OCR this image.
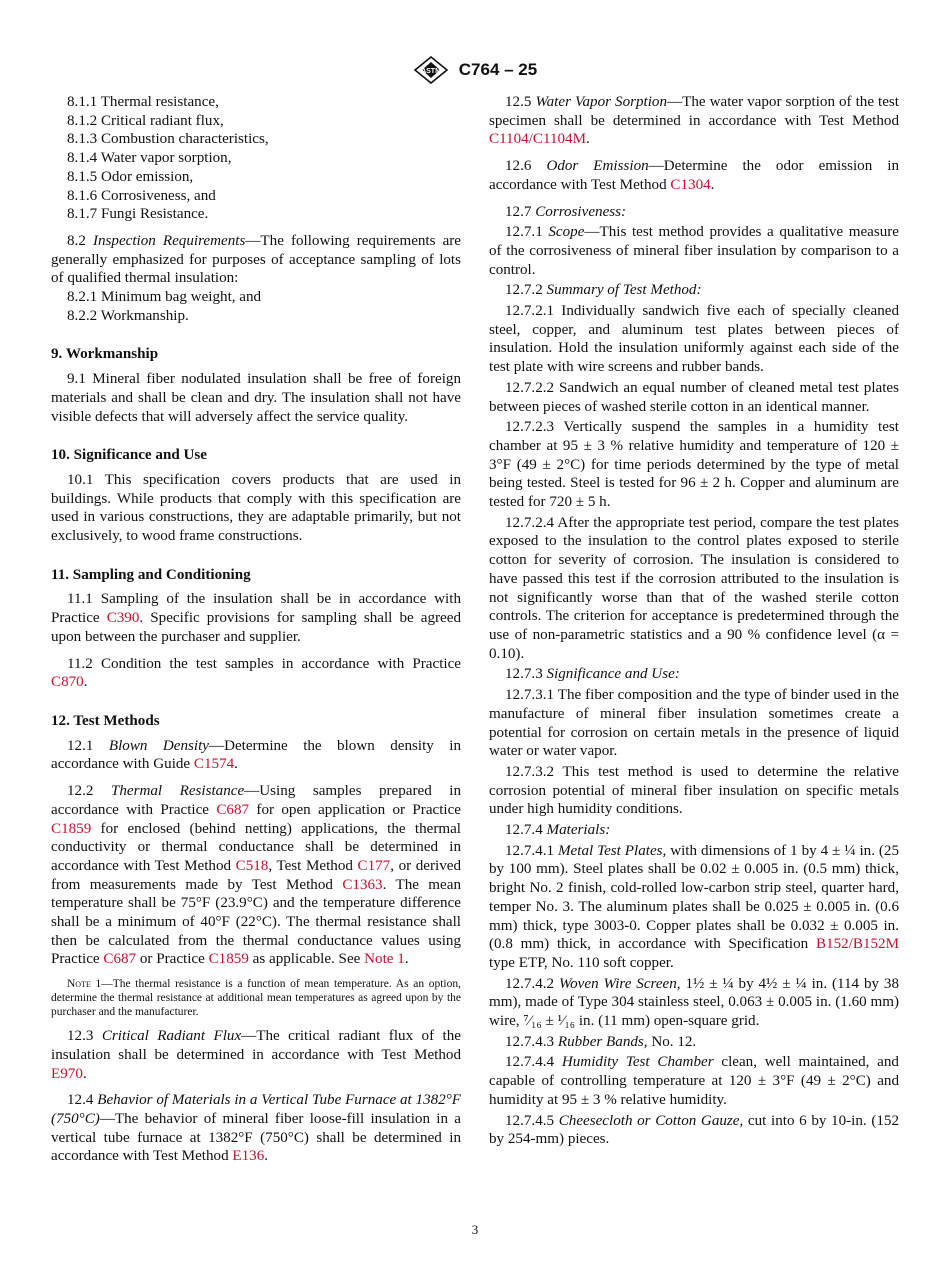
ASTM C764 – 25
8.1.1 Thermal resistance,
8.1.2 Critical radiant flux,
8.1.3 Combustion characteristics,
8.1.4 Water vapor sorption,
8.1.5 Odor emission,
8.1.6 Corrosiveness, and
8.1.7 Fungi Resistance.

8.2 Inspection Requirements—The following requirements are generally emphasized for purposes of acceptance sampling of lots of qualified thermal insulation:

8.2.1 Minimum bag weight, and
8.2.2 Workmanship.
9. Workmanship

9.1 Mineral fiber nodulated insulation shall be free of foreign materials and shall be clean and dry. The insulation shall not have visible defects that will adversely affect the service quality.

10. Significance and Use

10.1 This specification covers products that are used in buildings. While products that comply with this specification are used in various constructions, they are adaptable primarily, but not exclusively, to wood frame constructions.

11. Sampling and Conditioning

11.1 Sampling of the insulation shall be in accordance with Practice C390. Specific provisions for sampling shall be agreed upon between the purchaser and supplier.

11.2 Condition the test samples in accordance with Practice C870.

12. Test Methods

12.1 Blown Density—Determine the blown density in accordance with Guide C1574.

12.2 Thermal Resistance—Using samples prepared in accordance with Practice C687 for open application or Practice C1859 for enclosed (behind netting) applications, the thermal conductivity or thermal conductance shall be determined in accordance with Test Method C518, Test Method C177, or derived from measurements made by Test Method C1363. The mean temperature shall be 75°F (23.9°C) and the temperature difference shall be a minimum of 40°F (22°C). The thermal resistance shall then be calculated from the thermal conductance values using Practice C687 or Practice C1859 as applicable. See Note 1.

Note 1—The thermal resistance is a function of mean temperature. As an option, determine the thermal resistance at additional mean temperatures as agreed upon by the purchaser and the manufacturer.

12.3 Critical Radiant Flux—The critical radiant flux of the insulation shall be determined in accordance with Test Method E970.

12.4 Behavior of Materials in a Vertical Tube Furnace at 1382°F (750°C)—The behavior of mineral fiber loose-fill insulation in a vertical tube furnace at 1382°F (750°C) shall be determined in accordance with Test Method E136.

12.5 Water Vapor Sorption—The water vapor sorption of the test specimen shall be determined in accordance with Test Method C1104/C1104M.

12.6 Odor Emission—Determine the odor emission in accordance with Test Method C1304.

12.7 Corrosiveness:

12.7.1 Scope—This test method provides a qualitative measure of the corrosiveness of mineral fiber insulation by comparison to a control.

12.7.2 Summary of Test Method:

12.7.2.1 Individually sandwich five each of specially cleaned steel, copper, and aluminum test plates between pieces of insulation. Hold the insulation uniformly against each side of the test plate with wire screens and rubber bands.

12.7.2.2 Sandwich an equal number of cleaned metal test plates between pieces of washed sterile cotton in an identical manner.

12.7.2.3 Vertically suspend the samples in a humidity test chamber at 95 ± 3 % relative humidity and temperature of 120 ± 3°F (49 ± 2°C) for time periods determined by the type of metal being tested. Steel is tested for 96 ± 2 h. Copper and aluminum are tested for 720 ± 5 h.

12.7.2.4 After the appropriate test period, compare the test plates exposed to the insulation to the control plates exposed to sterile cotton for severity of corrosion. The insulation is considered to have passed this test if the corrosion attributed to the insulation is not significantly worse than that of the washed sterile cotton controls. The criterion for acceptance is predetermined through the use of non-parametric statistics and a 90 % confidence level (α = 0.10).

12.7.3 Significance and Use:

12.7.3.1 The fiber composition and the type of binder used in the manufacture of mineral fiber insulation sometimes create a potential for corrosion on certain metals in the presence of liquid water or water vapor.

12.7.3.2 This test method is used to determine the relative corrosion potential of mineral fiber insulation on specific metals under high humidity conditions.

12.7.4 Materials:

12.7.4.1 Metal Test Plates, with dimensions of 1 by 4 ± ¼ in. (25 by 100 mm). Steel plates shall be 0.02 ± 0.005 in. (0.5 mm) thick, bright No. 2 finish, cold-rolled low-carbon strip steel, quarter hard, temper No. 3. The aluminum plates shall be 0.025 ± 0.005 in. (0.6 mm) thick, type 3003-0. Copper plates shall be 0.032 ± 0.005 in. (0.8 mm) thick, in accordance with Specification B152/B152M type ETP, No. 110 soft copper.

12.7.4.2 Woven Wire Screen, 1½ ± ¼ by 4½ ± ¼ in. (114 by 38 mm), made of Type 304 stainless steel, 0.063 ± 0.005 in. (1.60 mm) wire, ⁷⁄₁₆ ± ¹⁄₁₆ in. (11 mm) open-square grid.

12.7.4.3 Rubber Bands, No. 12.

12.7.4.4 Humidity Test Chamber clean, well maintained, and capable of controlling temperature at 120 ± 3°F (49 ± 2°C) and humidity at 95 ± 3 % relative humidity.

12.7.4.5 Cheesecloth or Cotton Gauze, cut into 6 by 10-in. (152 by 254-mm) pieces.

3
